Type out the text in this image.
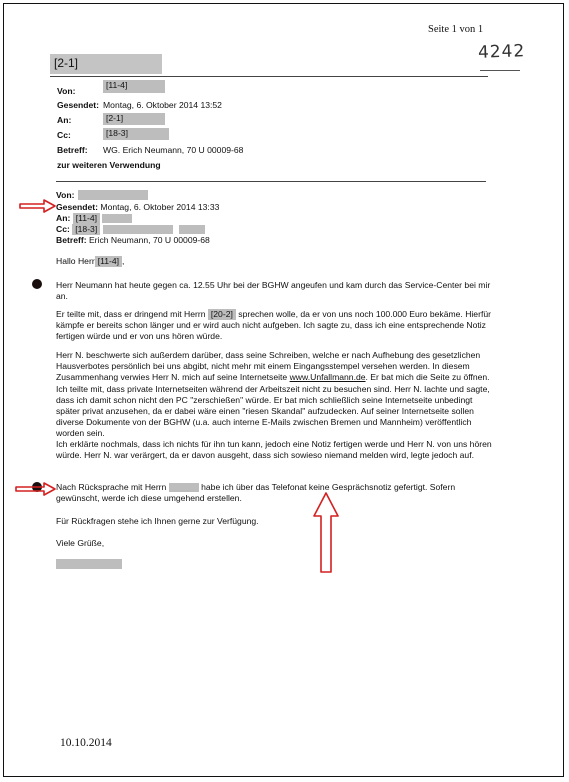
Seite 1 von 1
4242
[2-1]
Von:
[11-4]
Gesendet: Montag, 6. Oktober 2014 13:52
An:	[2-1]
Cc:	[18-3]
Betreff: WG. Erich Neumann, 70 U 00009-68
zur weiteren Verwendung
Von:
Gesendet: Montag, 6. Oktober 2014 13:33
An: [11-4]
Cc: [18-3]
Betreff: Erich Neumann, 70 U 00009-68
Hallo Herr [11-4] ,
Herr Neumann hat heute gegen ca. 12.55 Uhr bei der BGHW angeufen und kam durch das Service-Center bei mir an.
Er teilte mit, dass er dringend mit Herrn [20-2] sprechen wolle, da er von uns noch 100.000 Euro bekäme. Hierfür kämpfe er bereits schon länger und er wird auch nicht aufgeben. Ich sagte zu, dass ich eine entsprechende Notiz fertigen würde und er von uns hören würde.
Herr N. beschwerte sich außerdem darüber, dass seine Schreiben, welche er nach Aufhebung des gesetzlichen Hausverbotes persönlich bei uns abgibt, nicht mehr mit einem Eingangsstempel versehen werden. In diesem Zusammenhang verwies Herr N. mich auf seine Internetseite www.Unfallmann.de. Er bat mich die Seite zu öffnen. Ich teilte mit, dass private Internetseiten während der Arbeitszeit nicht zu besuchen sind. Herr N. lachte und sagte, dass ich damit schon nicht den PC "zerschießen" würde. Er bat mich schließlich seine Internetseite unbedingt später privat anzusehen, da er dabei wäre einen "riesen Skandal" aufzudecken. Auf seiner Internetseite sollen diverse Dokumente von der BGHW (u.a. auch interne E-Mails zwischen Bremen und Mannheim) veröffentlich worden sein.
Ich erklärte nochmals, dass ich nichts für ihn tun kann, jedoch eine Notiz fertigen werde und Herr N. von uns hören würde. Herr N. war verärgert, da er davon ausgeht, dass sich sowieso niemand melden wird, legte jedoch auf.
Nach Rücksprache mit Herrn	habe ich über das Telefonat keine Gesprächsnotiz gefertigt. Sofern gewünscht, werde ich diese umgehend erstellen.
Für Rückfragen stehe ich Ihnen gerne zur Verfügung.
Viele Grüße,
10.10.2014
